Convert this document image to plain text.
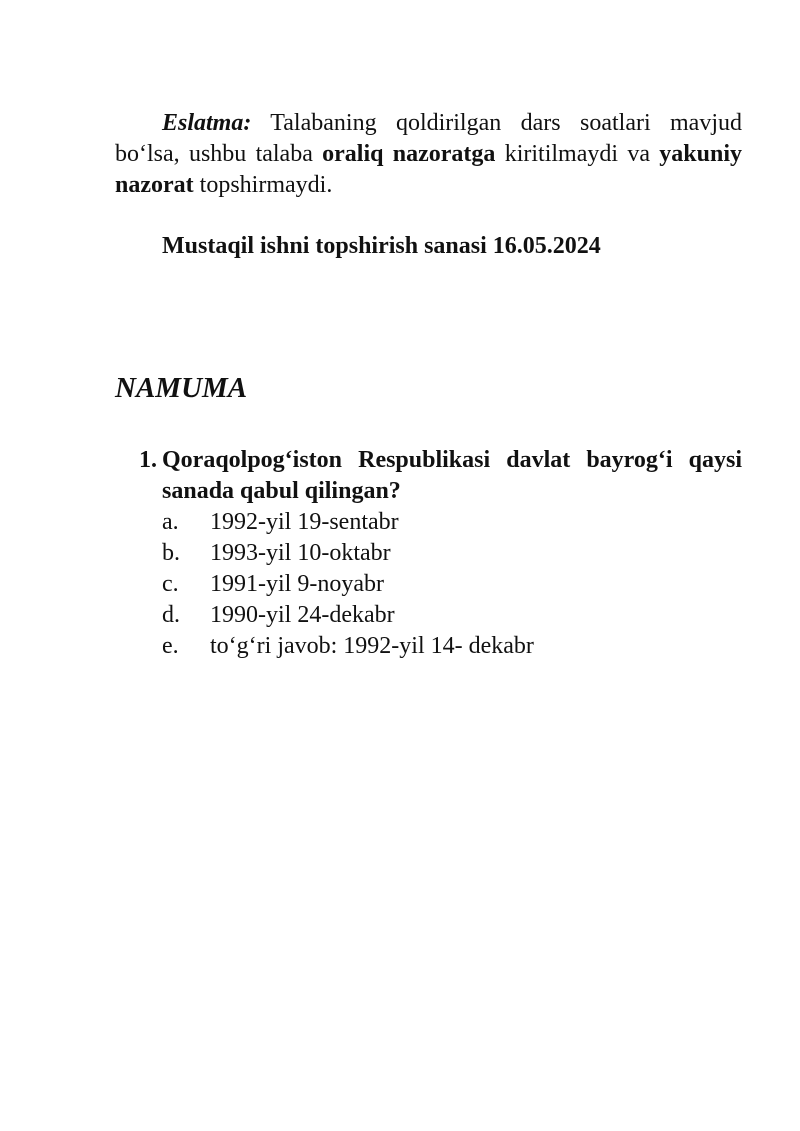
Eslatma: Talabaning qoldirilgan dars soatlari mavjud bo‘lsa, ushbu talaba oraliq nazoratga kiritilmaydi va yakuniy nazorat topshirmaydi.

Mustaqil ishni topshirish sanasi 16.05.2024

NAMUMA
1. Qoraqolpog‘iston Respublikasi davlat bayrog‘i qaysi sanada qabul qilingan?
a. 1992-yil 19-sentabr
b. 1993-yil 10-oktabr
c. 1991-yil 9-noyabr
d. 1990-yil 24-dekabr
e. to‘g‘ri javob: 1992-yil 14- dekabr
